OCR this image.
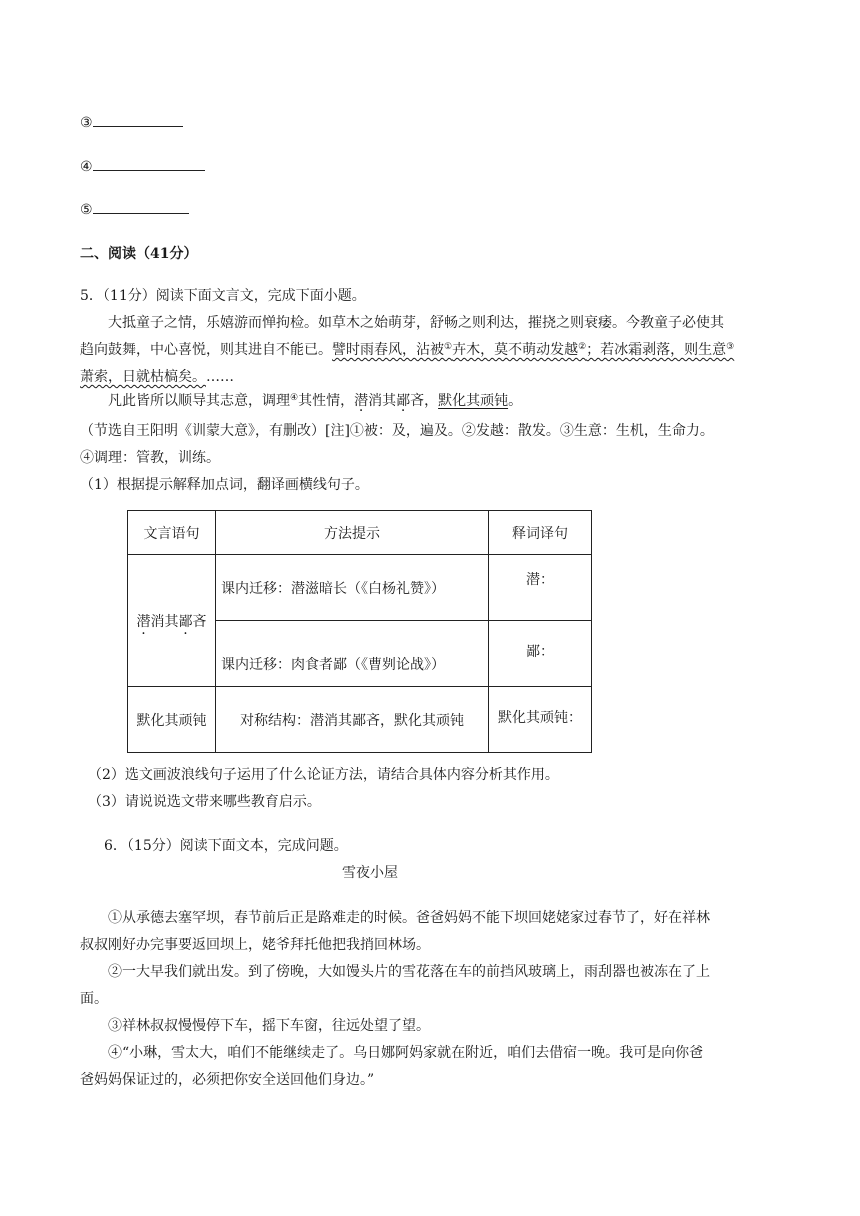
③
④
⑤
二、阅读（41分）
5．（11分）阅读下面文言文，完成下面小题。
大抵童子之情，乐嬉游而惮拘检。如草木之始萌芽，舒畅之则利达，摧挠之则衰痿。今教童子必使其
趋向鼓舞，中心喜悦，则其进自不能已。譬时雨春风，沾被①卉木，莫不萌动发越②；若冰霜剥落，则生意③
萧索，日就枯槁矣。……
凡此皆所以顺导其志意，调理④其性情，潜消其鄙吝，默化其顽钝。
（节选自王阳明《训蒙大意》，有删改）[注]①被：及，遍及。②发越：散发。③生意：生机，生命力。
④调理：管教，训练。
（1）根据提示解释加点词，翻译画横线句子。
文言语句	方法提示	释词译句
潜消其鄙吝	课内迁移：潜滋暗长（《白杨礼赞》）	潜：
	课内迁移：肉食者鄙（《曹刿论战》）	鄙：
默化其顽钝	对称结构：潜消其鄙吝，默化其顽钝	默化其顽钝：
（2）选文画波浪线句子运用了什么论证方法，请结合具体内容分析其作用。
（3）请说说选文带来哪些教育启示。
6．（15分）阅读下面文本，完成问题。
雪夜小屋
①从承德去塞罕坝，春节前后正是路难走的时候。爸爸妈妈不能下坝回姥姥家过春节了，好在祥林
叔叔刚好办完事要返回坝上，姥爷拜托他把我捎回林场。
②一大早我们就出发。到了傍晚，大如馒头片的雪花落在车的前挡风玻璃上，雨刮器也被冻在了上
面。
③祥林叔叔慢慢停下车，摇下车窗，往远处望了望。
④“小琳，雪太大，咱们不能继续走了。乌日娜阿妈家就在附近，咱们去借宿一晚。我可是向你爸
爸妈妈保证过的，必须把你安全送回他们身边。”
